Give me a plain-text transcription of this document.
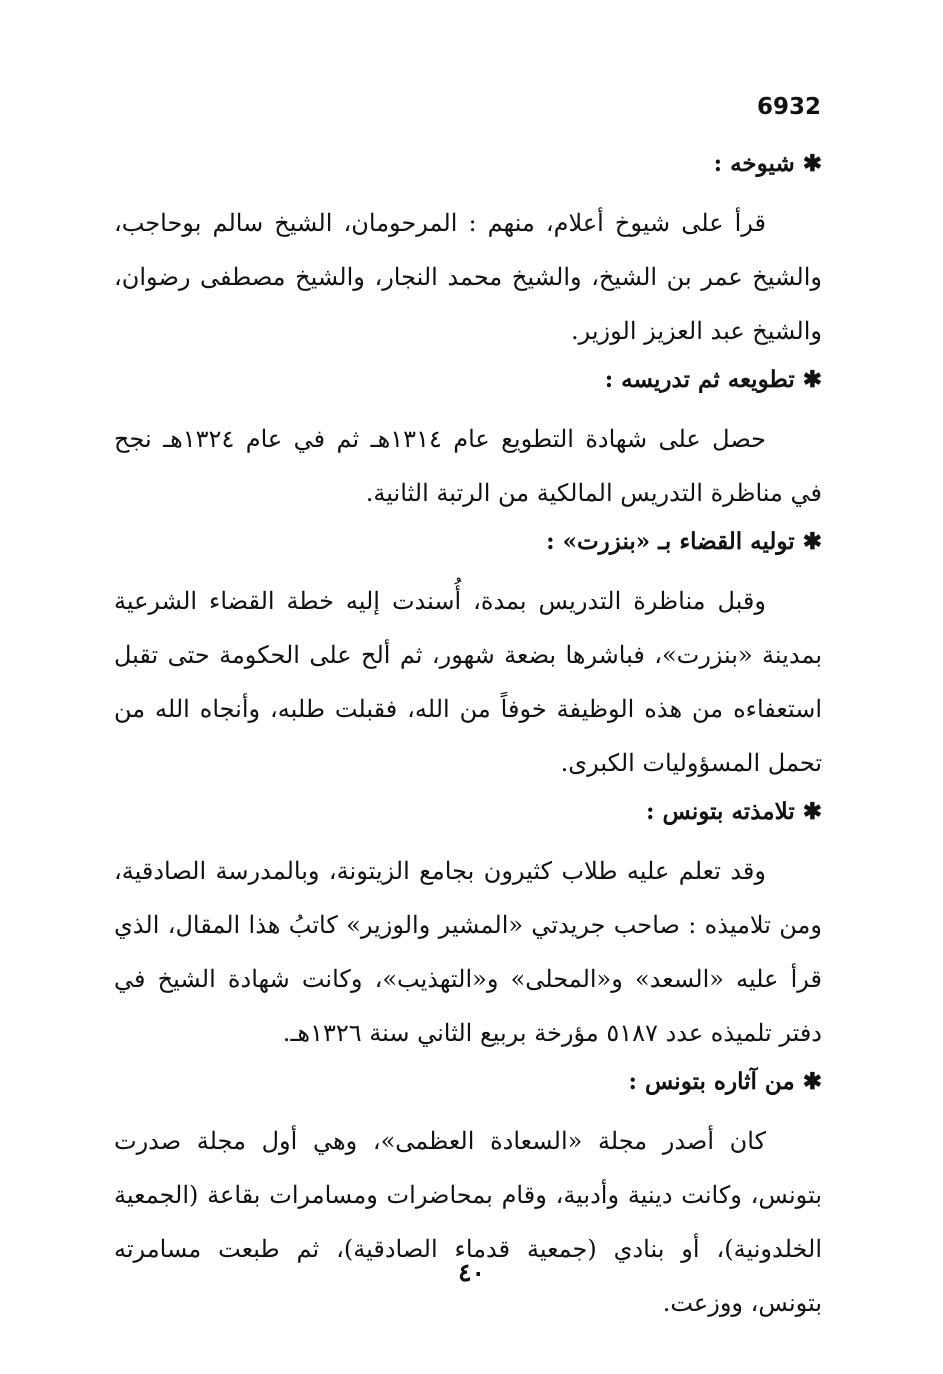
6932
✱شيوخه :

قرأ على شيوخ أعلام، منهم : المرحومان، الشيخ سالم بوحاجب، والشيخ عمر بن الشيخ، والشيخ محمد النجار، والشيخ مصطفى رضوان، والشيخ عبد العزيز الوزير.

✱تطويعه ثم تدريسه :

حصل على شهادة التطويع عام ١٣١٤هـ ثم في عام ١٣٢٤هـ نجح في مناظرة التدريس المالكية من الرتبة الثانية.

✱توليه القضاء بـ «بنزرت» :

وقبل مناظرة التدريس بمدة، أُسندت إليه خطة القضاء الشرعية بمدينة «بنزرت»، فباشرها بضعة شهور، ثم ألح على الحكومة حتى تقبل استعفاءه من هذه الوظيفة خوفاً من الله، فقبلت طلبه، وأنجاه الله من تحمل المسؤوليات الكبرى.

✱تلامذته بتونس :

وقد تعلم عليه طلاب كثيرون بجامع الزيتونة، وبالمدرسة الصادقية، ومن تلاميذه : صاحب جريدتي «المشير والوزير» كاتبُ هذا المقال، الذي قرأ عليه «السعد» و«المحلى» و«التهذيب»، وكانت شهادة الشيخ في دفتر تلميذه عدد ٥١٨٧ مؤرخة بربيع الثاني سنة ١٣٢٦هـ.

✱من آثاره بتونس :

كان أصدر مجلة «السعادة العظمى»، وهي أول مجلة صدرت بتونس، وكانت دينية وأدبية، وقام بمحاضرات ومسامرات بقاعة (الجمعية الخلدونية)، أو بنادي (جمعية قدماء الصادقية)، ثم طبعت مسامرته بتونس، ووزعت.

٤٠
